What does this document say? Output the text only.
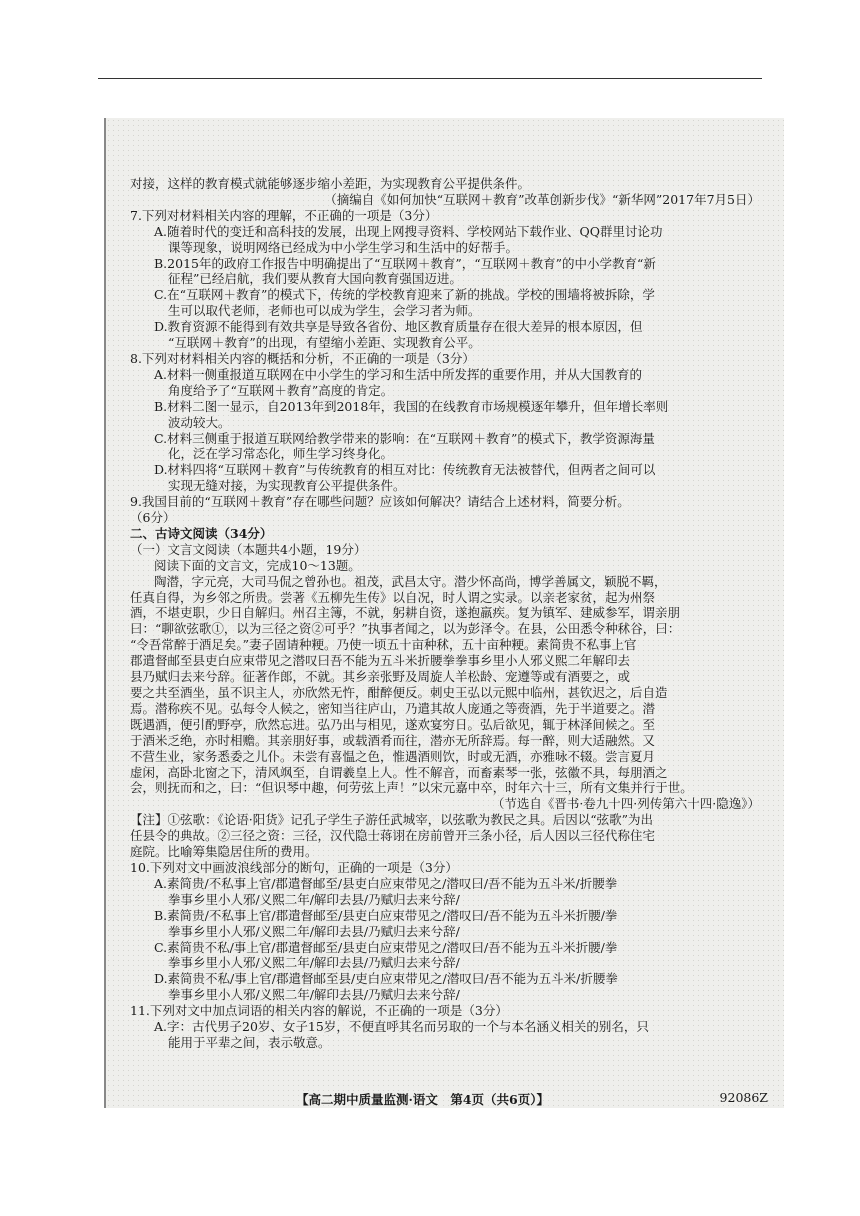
对接，这样的教育模式就能够逐步缩小差距，为实现教育公平提供条件。
（摘编自《如何加快“互联网＋教育”改革创新步伐》“新华网”2017年7月5日）
7.下列对材料相关内容的理解，不正确的一项是（3分）
A.随着时代的变迁和高科技的发展，出现上网搜寻资料、学校网站下载作业、QQ群里讨论功
课等现象，说明网络已经成为中小学生学习和生活中的好帮手。
B.2015年的政府工作报告中明确提出了“互联网＋教育”，“互联网＋教育”的中小学教育“新
征程”已经启航，我们要从教育大国向教育强国迈进。
C.在“互联网＋教育”的模式下，传统的学校教育迎来了新的挑战。学校的围墙将被拆除，学
生可以取代老师，老师也可以成为学生，会学习者为师。
D.教育资源不能得到有效共享是导致各省份、地区教育质量存在很大差异的根本原因，但
“互联网＋教育”的出现，有望缩小差距、实现教育公平。
8.下列对材料相关内容的概括和分析，不正确的一项是（3分）
A.材料一侧重报道互联网在中小学生的学习和生活中所发挥的重要作用，并从大国教育的
角度给予了“互联网＋教育”高度的肯定。
B.材料二图一显示，自2013年到2018年，我国的在线教育市场规模逐年攀升，但年增长率则
波动较大。
C.材料三侧重于报道互联网给教学带来的影响：在“互联网＋教育”的模式下，教学资源海量
化，泛在学习常态化，师生学习终身化。
D.材料四将“互联网＋教育”与传统教育的相互对比：传统教育无法被替代，但两者之间可以
实现无缝对接，为实现教育公平提供条件。
9.我国目前的“互联网＋教育”存在哪些问题？应该如何解决？请结合上述材料，简要分析。
（6分）
二、古诗文阅读（34分）
（一）文言文阅读（本题共4小题，19分）
阅读下面的文言文，完成10～13题。
陶潜，字元亮，大司马侃之曾孙也。祖茂，武昌太守。潜少怀高尚，博学善属文，颖脱不羁，
任真自得，为乡邻之所贵。尝著《五柳先生传》以自况，时人谓之实录。以亲老家贫，起为州祭
酒，不堪吏职，少日自解归。州召主簿，不就，躬耕自资，遂抱羸疾。复为镇军、建威参军，谓亲朋
曰：“聊欲弦歌①，以为三径之资②可乎？”执事者闻之，以为彭泽令。在县，公田悉令种秫谷，曰：
“令吾常醉于酒足矣。”妻子固请种粳。乃使一顷五十亩种秫，五十亩种粳。素简贵不私事上官
郡遣督邮至县吏白应束带见之潜叹曰吾不能为五斗米折腰拳拳事乡里小人邪义熙二年解印去
县乃赋归去来兮辞。征著作郎，不就。其乡亲张野及周旋人羊松龄、宠遵等或有酒要之，或
要之共至酒坐，虽不识主人，亦欣然无忤，酣醉便反。刺史王弘以元熙中临州，甚钦迟之，后自造
焉。潜称疾不见。弘每令人候之，密知当往庐山，乃遣其故人庞通之等赍酒，先于半道要之。潜
既遇酒，便引酌野亭，欣然忘进。弘乃出与相见，遂欢宴穷日。弘后欲见，辄于林泽间候之。至
于酒米乏绝，亦时相赡。其亲朋好事，或载酒肴而往，潜亦无所辞焉。每一醉，则大适融然。又
不营生业，家务悉委之儿仆。未尝有喜愠之色，惟遇酒则饮，时或无酒，亦雅咏不辍。尝言夏月
虚闲，高卧北窗之下，清风飒至，自谓羲皇上人。性不解音，而畜素琴一张，弦徽不具，每朋酒之
会，则抚而和之，曰：“但识琴中趣，何劳弦上声！”以宋元嘉中卒，时年六十三，所有文集并行于世。
（节选自《晋书·卷九十四·列传第六十四·隐逸》）
【注】①弦歌：《论语·阳货》记孔子学生子游任武城宰，以弦歌为教民之具。后因以“弦歌”为出
任县令的典故。②三径之资：三径，汉代隐士蒋诩在房前曾开三条小径，后人因以三径代称住宅
庭院。比喻筹集隐居住所的费用。
10.下列对文中画波浪线部分的断句，正确的一项是（3分）
A.素简贵/不私事上官/郡遣督邮至/县吏白应束带见之/潜叹曰/吾不能为五斗米/折腰拳
拳事乡里小人邪/义熙二年/解印去县/乃赋归去来兮辞/
B.素简贵/不私事上官/郡遣督邮至/县吏白应束带见之/潜叹曰/吾不能为五斗米折腰/拳
拳事乡里小人邪/义熙二年/解印去县/乃赋归去来兮辞/
C.素简贵不私/事上官/郡遣督邮至/县吏白应束带见之/潜叹曰/吾不能为五斗米折腰/拳
拳事乡里小人邪/义熙二年/解印去县/乃赋归去来兮辞/
D.素简贵不私/事上官/郡遣督邮至县/吏白应束带见之/潜叹曰/吾不能为五斗米/折腰拳
拳事乡里小人邪/义熙二年/解印去县/乃赋归去来兮辞/
11.下列对文中加点词语的相关内容的解说，不正确的一项是（3分）
A.字：古代男子20岁、女子15岁，不便直呼其名而另取的一个与本名涵义相关的别名，只
能用于平辈之间，表示敬意。
【高二期中质量监测·语文　第4页（共6页）】	92086Z
